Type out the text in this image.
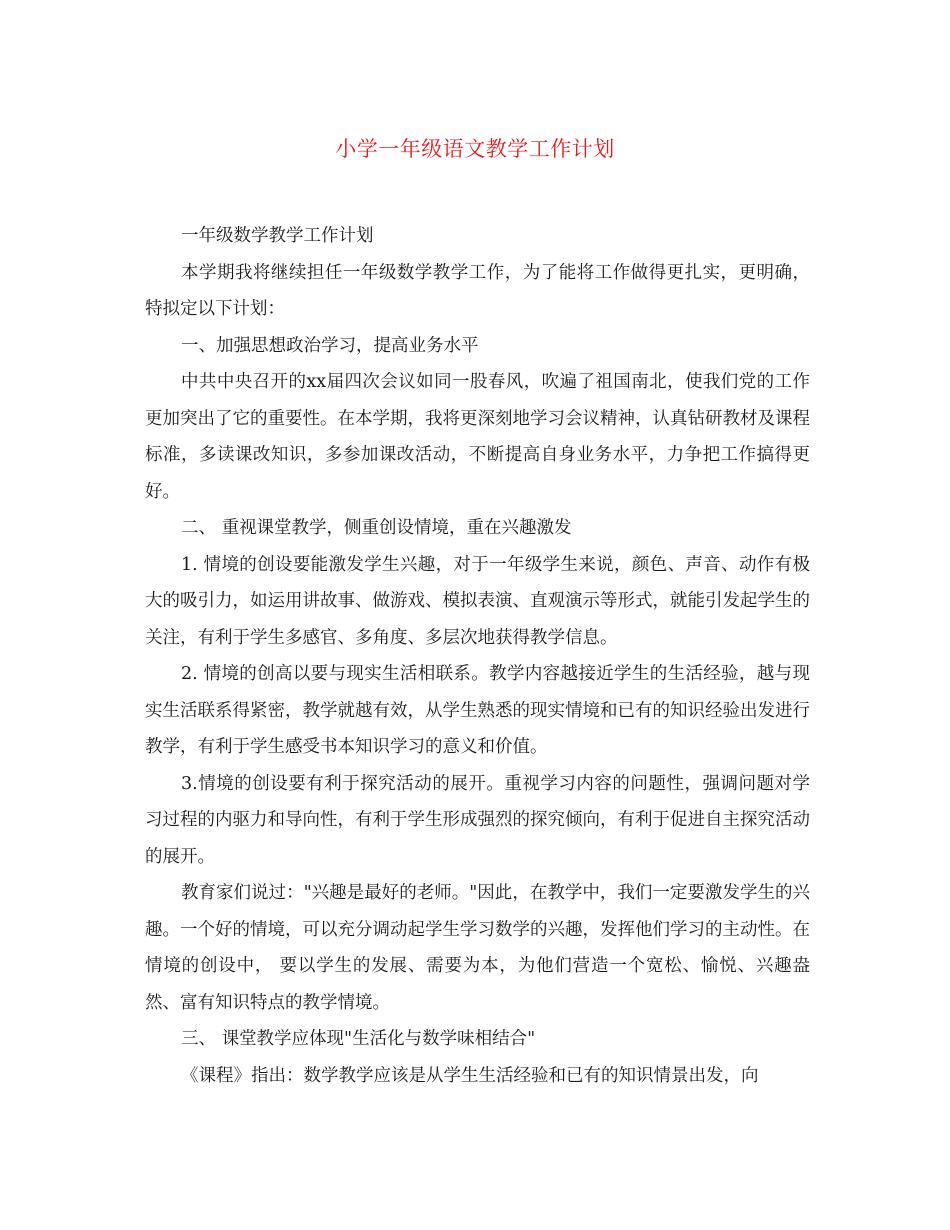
小学一年级语文教学工作计划

一年级数学教学工作计划

本学期我将继续担任一年级数学教学工作，为了能将工作做得更扎实，更明确，特拟定以下计划：

一、加强思想政治学习，提高业务水平

中共中央召开的xx届四次会议如同一股春风，吹遍了祖国南北，使我们党的工作更加突出了它的重要性。在本学期，我将更深刻地学习会议精神，认真钻研教材及课程标准，多读课改知识，多参加课改活动，不断提高自身业务水平，力争把工作搞得更好。

二、 重视课堂教学，侧重创设情境，重在兴趣激发

1. 情境的创设要能激发学生兴趣，对于一年级学生来说，颜色、声音、动作有极大的吸引力，如运用讲故事、做游戏、模拟表演、直观演示等形式，就能引发起学生的关注，有利于学生多感官、多角度、多层次地获得教学信息。

2. 情境的创高以要与现实生活相联系。教学内容越接近学生的生活经验，越与现实生活联系得紧密，教学就越有效，从学生熟悉的现实情境和已有的知识经验出发进行教学，有利于学生感受书本知识学习的意义和价值。

3.情境的创设要有利于探究活动的展开。重视学习内容的问题性，强调问题对学习过程的内驱力和导向性，有利于学生形成强烈的探究倾向，有利于促进自主探究活动的展开。

教育家们说过："兴趣是最好的老师。"因此，在教学中，我们一定要激发学生的兴趣。一个好的情境，可以充分调动起学生学习数学的兴趣，发挥他们学习的主动性。在情境的创设中， 要以学生的发展、需要为本，为他们营造一个宽松、愉悦、兴趣盎然、富有知识特点的教学情境。

三、 课堂教学应体现"生活化与数学味相结合"

《课程》指出：数学教学应该是从学生生活经验和已有的知识情景出发，向
